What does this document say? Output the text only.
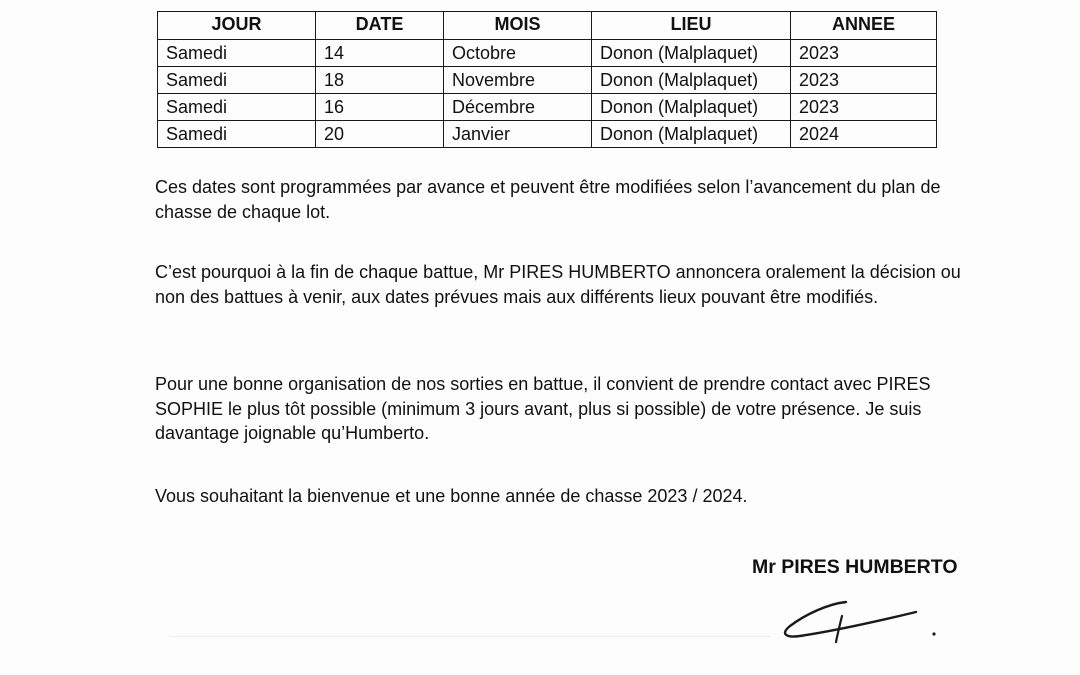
JOUR	DATE	MOIS	LIEU	ANNEE
Samedi	14	Octobre	Donon (Malplaquet)	2023
Samedi	18	Novembre	Donon (Malplaquet)	2023
Samedi	16	Décembre	Donon (Malplaquet)	2023
Samedi	20	Janvier	Donon (Malplaquet)	2024

Ces dates sont programmées par avance et peuvent être modifiées selon l’avancement du plan de chasse de chaque lot.

C’est pourquoi à la fin de chaque battue, Mr PIRES HUMBERTO annoncera oralement la décision ou non des battues à venir, aux dates prévues mais aux différents lieux pouvant être modifiés.

Pour une bonne organisation de nos sorties en battue, il convient de prendre contact avec PIRES SOPHIE le plus tôt possible (minimum 3 jours avant, plus si possible) de votre présence. Je suis davantage joignable qu’Humberto.

Vous souhaitant la bienvenue et une bonne année de chasse 2023 / 2024.

Mr PIRES HUMBERTO
